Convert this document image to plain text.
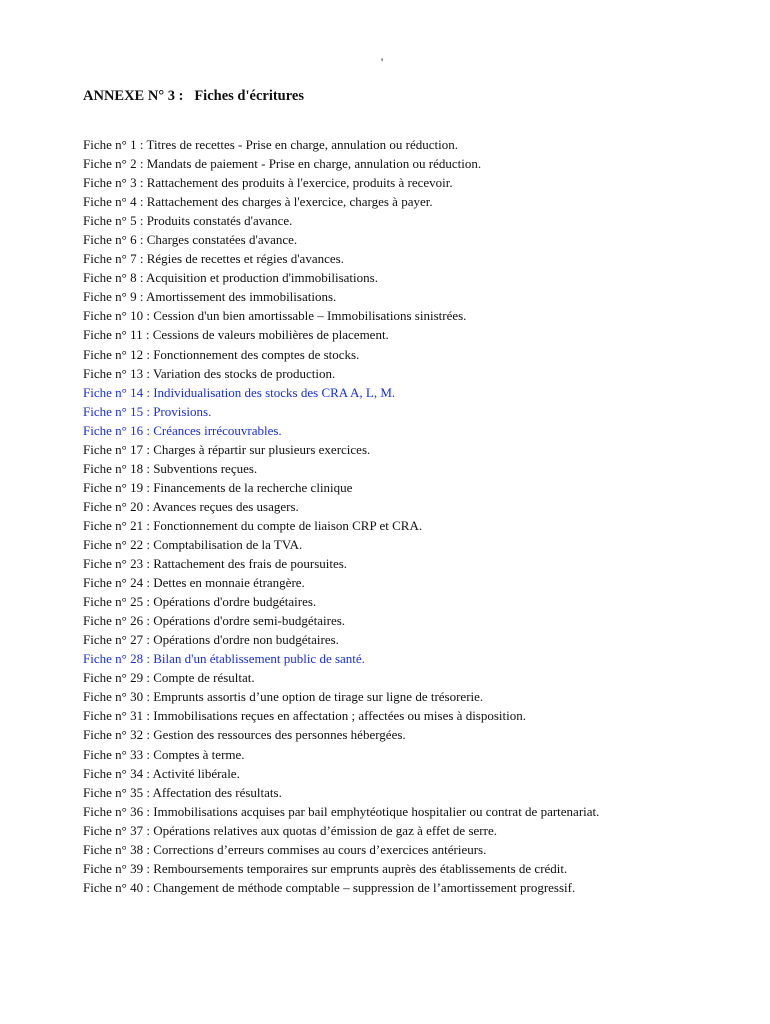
'
ANNEXE N° 3 :   Fiches d'écritures
Fiche n° 1 : Titres de recettes - Prise en charge, annulation ou réduction.
Fiche n° 2 : Mandats de paiement - Prise en charge, annulation ou réduction.
Fiche n° 3 : Rattachement des produits à l'exercice, produits à recevoir.
Fiche n° 4 : Rattachement des charges à l'exercice, charges à payer.
Fiche n° 5 : Produits constatés d'avance.
Fiche n° 6 : Charges constatées d'avance.
Fiche n° 7 : Régies de recettes et régies d'avances.
Fiche n° 8 : Acquisition et production d'immobilisations.
Fiche n° 9 : Amortissement des immobilisations.
Fiche n° 10 : Cession d'un bien amortissable – Immobilisations sinistrées.
Fiche n° 11 : Cessions de valeurs mobilières de placement.
Fiche n° 12 : Fonctionnement des comptes de stocks.
Fiche n° 13 : Variation des stocks de production.
Fiche n° 14 : Individualisation des stocks des CRA A, L, M.
Fiche n° 15 : Provisions.
Fiche n° 16 : Créances irrécouvrables.
Fiche n° 17 : Charges à répartir sur plusieurs exercices.
Fiche n° 18 : Subventions reçues.
Fiche n° 19 : Financements de la recherche clinique
Fiche n° 20 : Avances reçues des usagers.
Fiche n° 21 : Fonctionnement du compte de liaison CRP et CRA.
Fiche n° 22 : Comptabilisation de la TVA.
Fiche n° 23 : Rattachement des frais de poursuites.
Fiche n° 24 : Dettes en monnaie étrangère.
Fiche n° 25 : Opérations d'ordre budgétaires.
Fiche n° 26 : Opérations d'ordre semi-budgétaires.
Fiche n° 27 : Opérations d'ordre non budgétaires.
Fiche n° 28 : Bilan d'un établissement public de santé.
Fiche n° 29 : Compte de résultat.
Fiche n° 30 : Emprunts assortis d’une option de tirage sur ligne de trésorerie.
Fiche n° 31 : Immobilisations reçues en affectation ; affectées ou mises à disposition.
Fiche n° 32 : Gestion des ressources des personnes hébergées.
Fiche n° 33 : Comptes à terme.
Fiche n° 34 : Activité libérale.
Fiche n° 35 : Affectation des résultats.
Fiche n° 36 : Immobilisations acquises par bail emphytéotique hospitalier ou contrat de partenariat.
Fiche n° 37 : Opérations relatives aux quotas d’émission de gaz à effet de serre.
Fiche n° 38 : Corrections d’erreurs commises au cours d’exercices antérieurs.
Fiche n° 39 : Remboursements temporaires sur emprunts auprès des établissements de crédit.
Fiche n° 40 : Changement de méthode comptable – suppression de l’amortissement progressif.
